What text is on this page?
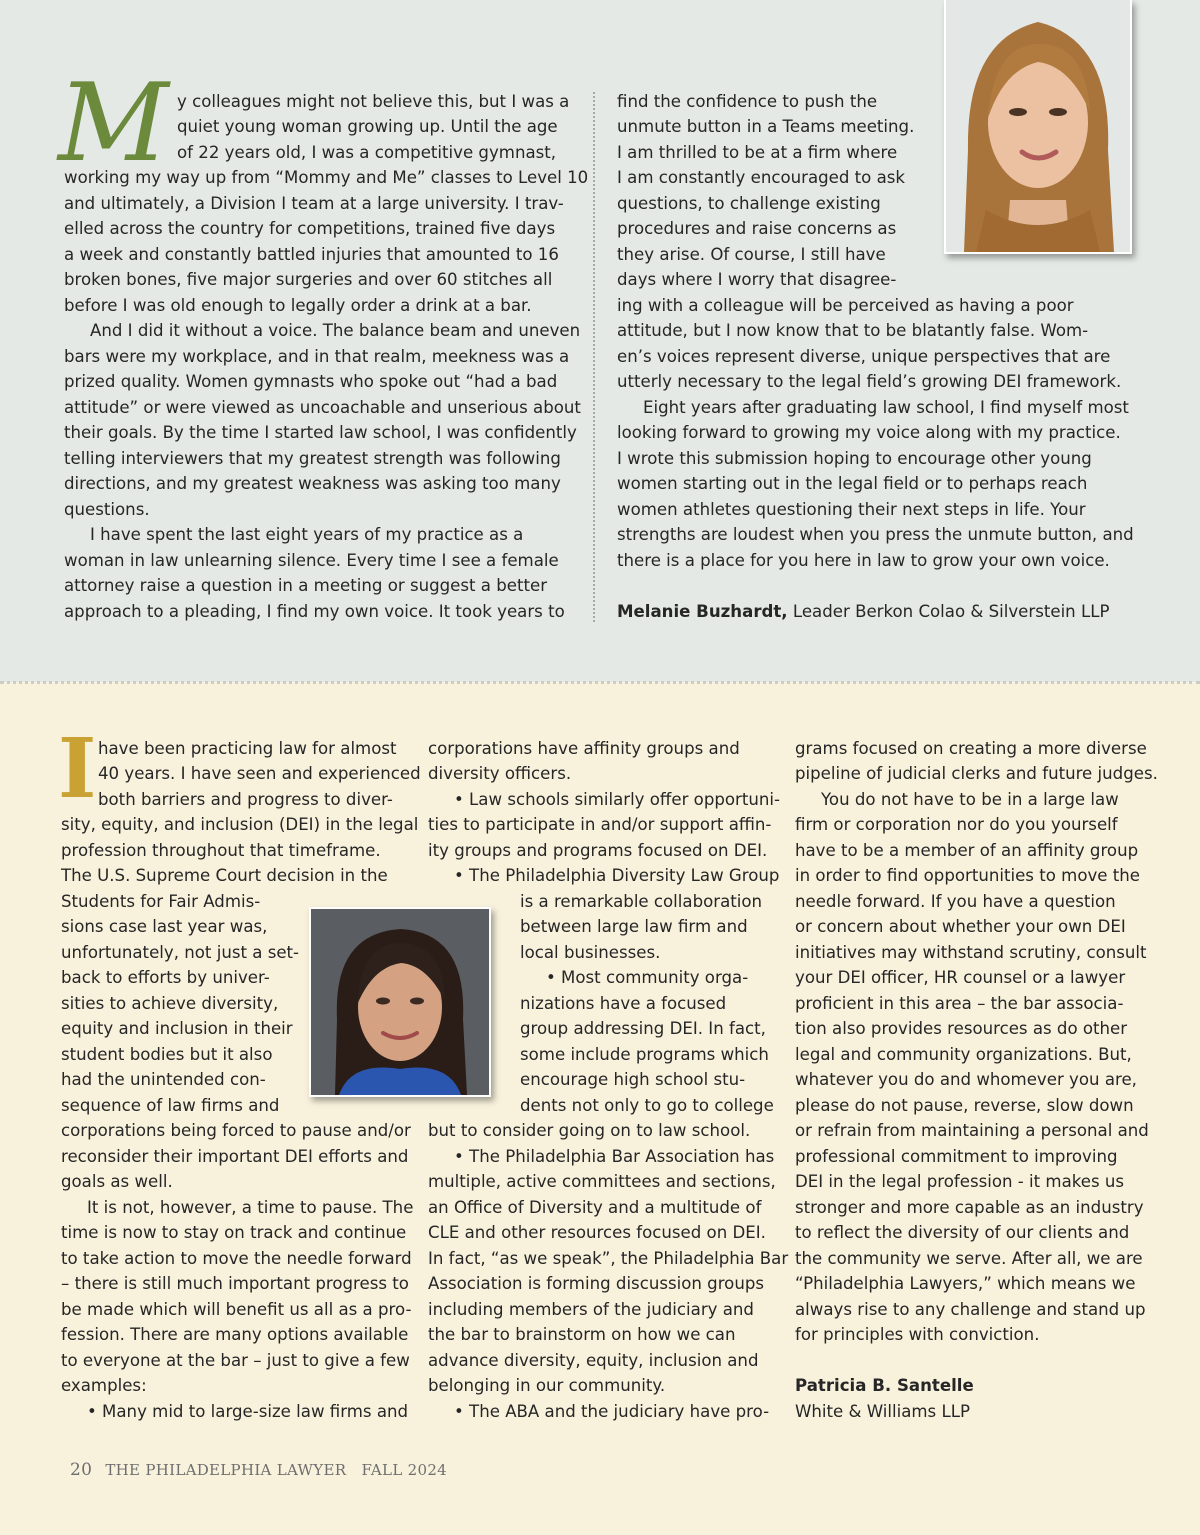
M y colleagues might not believe this, but I was a
quiet young woman growing up. Until the age
of 22 years old, I was a competitive gymnast,
working my way up from “Mommy and Me” classes to Level 10
and ultimately, a Division I team at a large university. I trav-
elled across the country for competitions, trained five days
a week and constantly battled injuries that amounted to 16
broken bones, five major surgeries and over 60 stitches all
before I was old enough to legally order a drink at a bar.
And I did it without a voice. The balance beam and uneven
bars were my workplace, and in that realm, meekness was a
prized quality. Women gymnasts who spoke out “had a bad
attitude” or were viewed as uncoachable and unserious about
their goals. By the time I started law school, I was confidently
telling interviewers that my greatest strength was following
directions, and my greatest weakness was asking too many
questions.
I have spent the last eight years of my practice as a
woman in law unlearning silence. Every time I see a female
attorney raise a question in a meeting or suggest a better
approach to a pleading, I find my own voice. It took years to
find the confidence to push the
unmute button in a Teams meeting.
I am thrilled to be at a firm where
I am constantly encouraged to ask
questions, to challenge existing
procedures and raise concerns as
they arise. Of course, I still have
days where I worry that disagree-
ing with a colleague will be perceived as having a poor
attitude, but I now know that to be blatantly false. Wom-
en’s voices represent diverse, unique perspectives that are
utterly necessary to the legal field’s growing DEI framework.
Eight years after graduating law school, I find myself most
looking forward to growing my voice along with my practice.
I wrote this submission hoping to encourage other young
women starting out in the legal field or to perhaps reach
women athletes questioning their next steps in life. Your
strengths are loudest when you press the unmute button, and
there is a place for you here in law to grow your own voice.
Melanie Buzhardt, Leader Berkon Colao & Silverstein LLP
I have been practicing law for almost
40 years. I have seen and experienced
both barriers and progress to diver-
sity, equity, and inclusion (DEI) in the legal
profession throughout that timeframe.
The U.S. Supreme Court decision in the
Students for Fair Admis-
sions case last year was,
unfortunately, not just a set-
back to efforts by univer-
sities to achieve diversity,
equity and inclusion in their
student bodies but it also
had the unintended con-
sequence of law firms and
corporations being forced to pause and/or
reconsider their important DEI efforts and
goals as well.
It is not, however, a time to pause. The
time is now to stay on track and continue
to take action to move the needle forward
– there is still much important progress to
be made which will benefit us all as a pro-
fession. There are many options available
to everyone at the bar – just to give a few
examples:
• Many mid to large-size law firms and
corporations have affinity groups and
diversity officers.
• Law schools similarly offer opportuni-
ties to participate in and/or support affin-
ity groups and programs focused on DEI.
• The Philadelphia Diversity Law Group
is a remarkable collaboration
between large law firm and
local businesses.
• Most community orga-
nizations have a focused
group addressing DEI. In fact,
some include programs which
encourage high school stu-
dents not only to go to college
but to consider going on to law school.
• The Philadelphia Bar Association has
multiple, active committees and sections,
an Office of Diversity and a multitude of
CLE and other resources focused on DEI.
In fact, “as we speak”, the Philadelphia Bar
Association is forming discussion groups
including members of the judiciary and
the bar to brainstorm on how we can
advance diversity, equity, inclusion and
belonging in our community.
• The ABA and the judiciary have pro-
grams focused on creating a more diverse
pipeline of judicial clerks and future judges.
You do not have to be in a large law
firm or corporation nor do you yourself
have to be a member of an affinity group
in order to find opportunities to move the
needle forward. If you have a question
or concern about whether your own DEI
initiatives may withstand scrutiny, consult
your DEI officer, HR counsel or a lawyer
proficient in this area – the bar associa-
tion also provides resources as do other
legal and community organizations. But,
whatever you do and whomever you are,
please do not pause, reverse, slow down
or refrain from maintaining a personal and
professional commitment to improving
DEI in the legal profession - it makes us
stronger and more capable as an industry
to reflect the diversity of our clients and
the community we serve. After all, we are
“Philadelphia Lawyers,” which means we
always rise to any challenge and stand up
for principles with conviction.
Patricia B. Santelle
White & Williams LLP
20 THE PHILADELPHIA LAWYER FALL 2024
